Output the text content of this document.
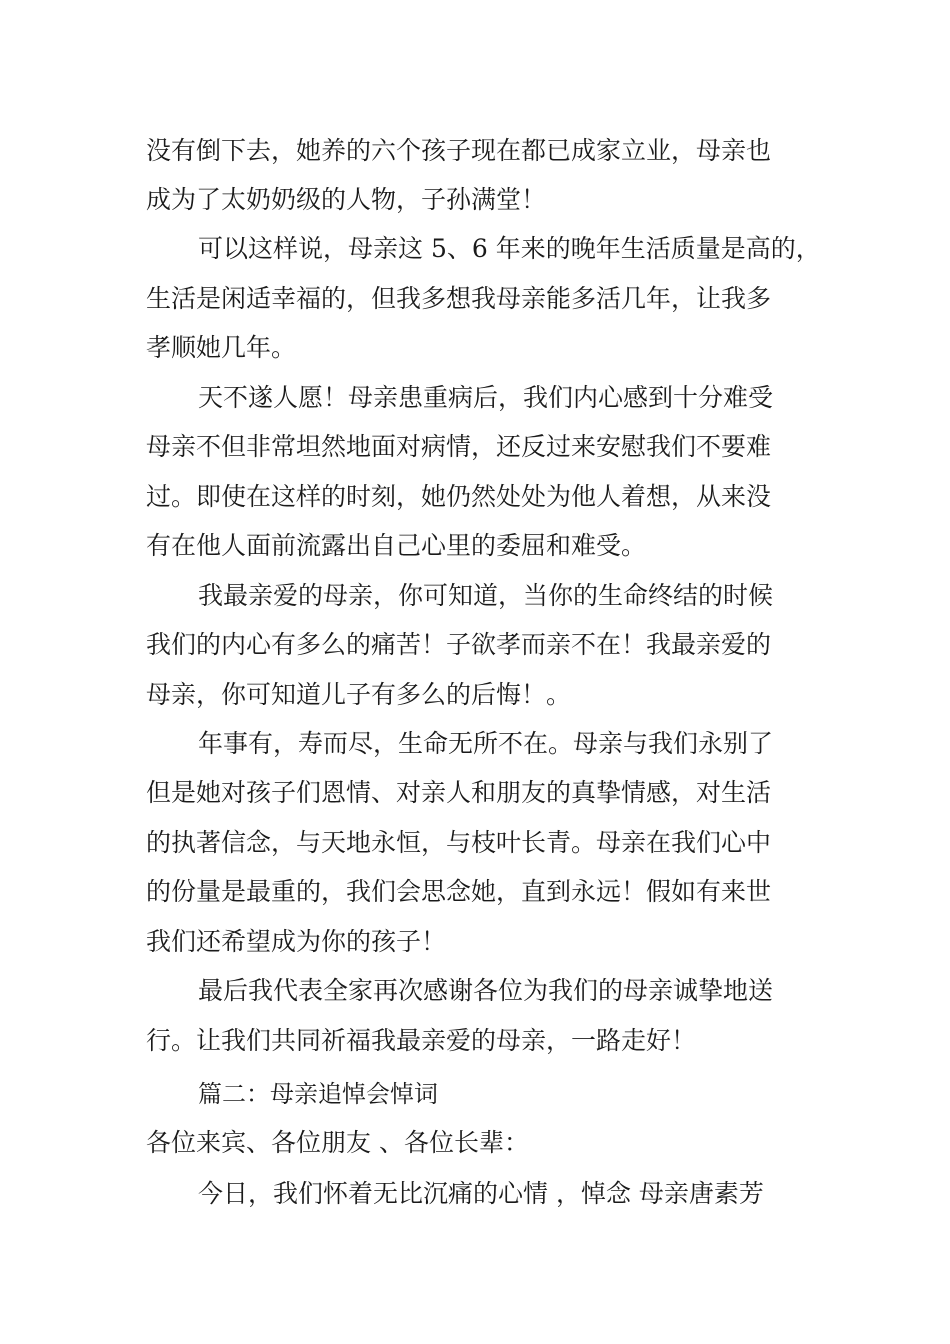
没有倒下去，她养的六个孩子现在都已成家立业，母亲也
成为了太奶奶级的人物，子孙满堂！
可以这样说，母亲这 5、6 年来的晚年生活质量是高的，
生活是闲适幸福的，但我多想我母亲能多活几年，让我多
孝顺她几年。
天不遂人愿！母亲患重病后，我们内心感到十分难受
母亲不但非常坦然地面对病情，还反过来安慰我们不要难
过。即使在这样的时刻，她仍然处处为他人着想，从来没
有在他人面前流露出自己心里的委屈和难受。
我最亲爱的母亲，你可知道，当你的生命终结的时候
我们的内心有多么的痛苦！子欲孝而亲不在！我最亲爱的
母亲，你可知道儿子有多么的后悔！。
年事有，寿而尽，生命无所不在。母亲与我们永别了
但是她对孩子们恩情、对亲人和朋友的真挚情感，对生活
的执著信念，与天地永恒，与枝叶长青。母亲在我们心中
的份量是最重的，我们会思念她，直到永远！假如有来世
我们还希望成为你的孩子！
最后我代表全家再次感谢各位为我们的母亲诚挚地送
行。让我们共同祈福我最亲爱的母亲，一路走好！
篇二：母亲追悼会悼词
各位来宾、各位朋友 、各位长辈：
今日，我们怀着无比沉痛的心情 ，悼念 母亲唐素芳
